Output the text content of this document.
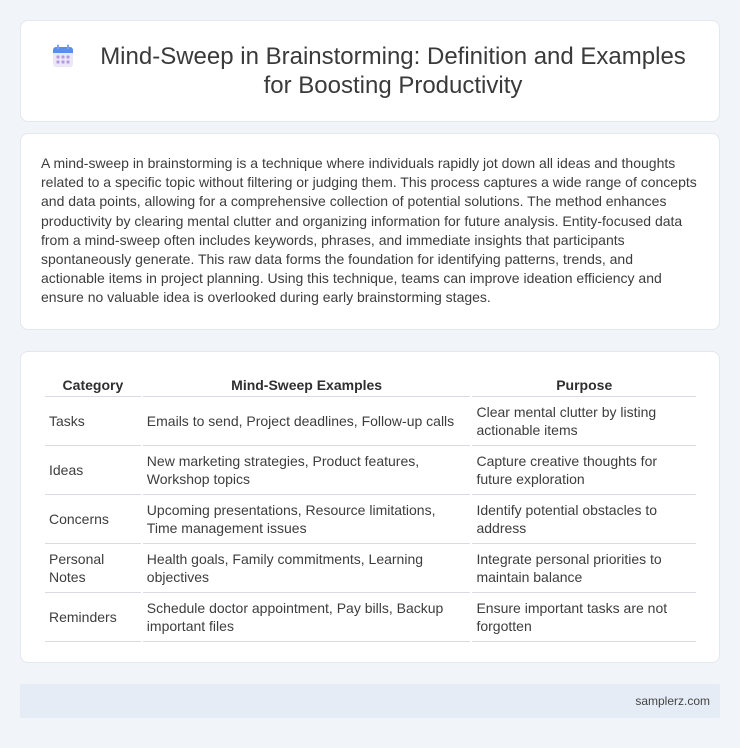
Mind-Sweep in Brainstorming: Definition and Examples for Boosting Productivity

A mind-sweep in brainstorming is a technique where individuals rapidly jot down all ideas and thoughts related to a specific topic without filtering or judging them. This process captures a wide range of concepts and data points, allowing for a comprehensive collection of potential solutions. The method enhances productivity by clearing mental clutter and organizing information for future analysis. Entity-focused data from a mind-sweep often includes keywords, phrases, and immediate insights that participants spontaneously generate. This raw data forms the foundation for identifying patterns, trends, and actionable items in project planning. Using this technique, teams can improve ideation efficiency and ensure no valuable idea is overlooked during early brainstorming stages.

Category	Mind-Sweep Examples	Purpose
Tasks	Emails to send, Project deadlines, Follow-up calls	Clear mental clutter by listing actionable items
Ideas	New marketing strategies, Product features, Workshop topics	Capture creative thoughts for future exploration
Concerns	Upcoming presentations, Resource limitations, Time management issues	Identify potential obstacles to address
Personal Notes	Health goals, Family commitments, Learning objectives	Integrate personal priorities to maintain balance
Reminders	Schedule doctor appointment, Pay bills, Backup important files	Ensure important tasks are not forgotten
samplerz.com
